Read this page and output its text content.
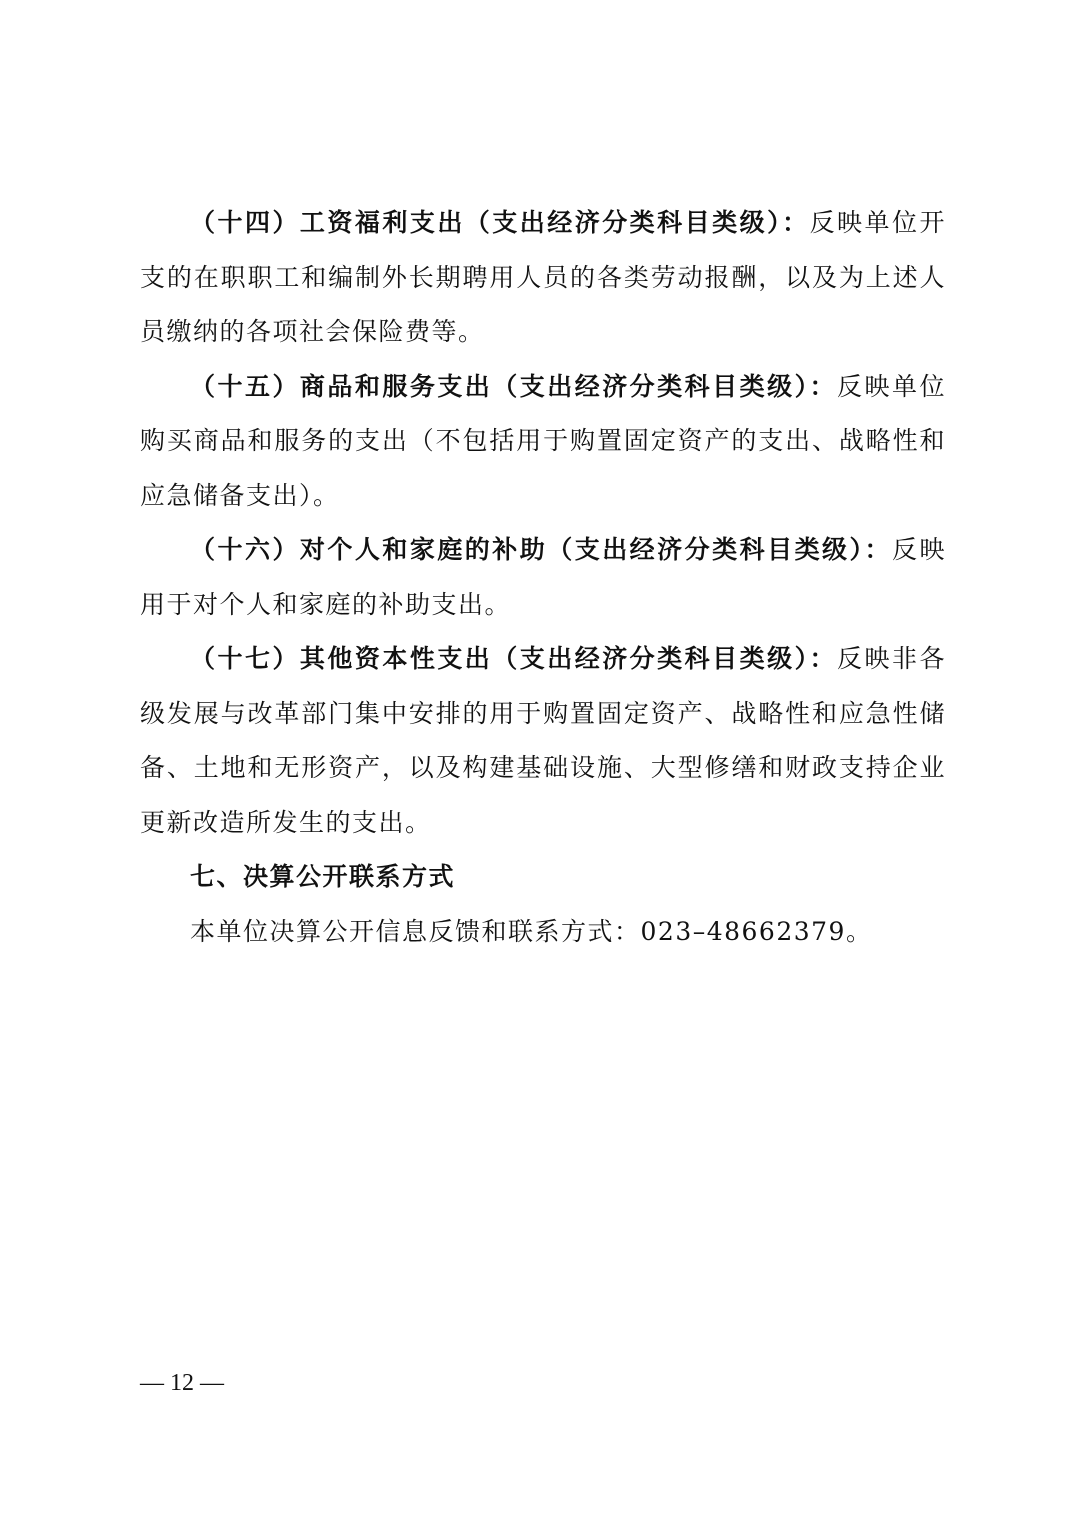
（十四）工资福利支出（支出经济分类科目类级）：反映单位开支的在职职工和编制外长期聘用人员的各类劳动报酬，以及为上述人员缴纳的各项社会保险费等。

（十五）商品和服务支出（支出经济分类科目类级）：反映单位购买商品和服务的支出（不包括用于购置固定资产的支出、战略性和应急储备支出）。

（十六）对个人和家庭的补助（支出经济分类科目类级）：反映用于对个人和家庭的补助支出。

（十七）其他资本性支出（支出经济分类科目类级）：反映非各级发展与改革部门集中安排的用于购置固定资产、战略性和应急性储备、土地和无形资产，以及构建基础设施、大型修缮和财政支持企业更新改造所发生的支出。

七、决算公开联系方式

本单位决算公开信息反馈和联系方式：023–48662379。

— 12 —
